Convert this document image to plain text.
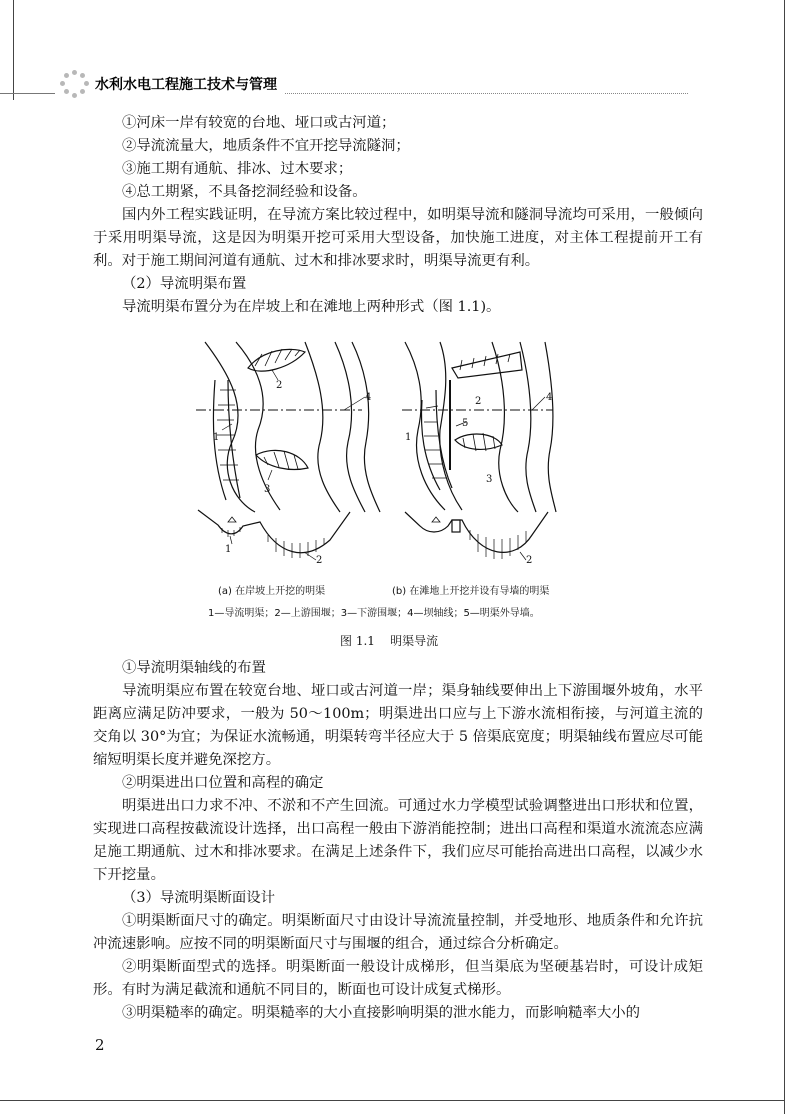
水利水电工程施工技术与管理

①河床一岸有较宽的台地、垭口或古河道；

②导流流量大，地质条件不宜开挖导流隧洞；

③施工期有通航、排冰、过木要求；

④总工期紧，不具备挖洞经验和设备。

国内外工程实践证明，在导流方案比较过程中，如明渠导流和隧洞导流均可采用，一般倾向于采用明渠导流，这是因为明渠开挖可采用大型设备，加快施工进度，对主体工程提前开工有利。对于施工期间河道有通航、过木和排冰要求时，明渠导流更有利。

（2）导流明渠布置

导流明渠布置分为在岸坡上和在滩地上两种形式（图 1.1)。

1
2
3
4
1
2
1
2
3
4
5
2
(a) 在岸坡上开挖的明渠	(b) 在滩地上开挖并设有导墙的明渠
1—导流明渠；2—上游围堰；3—下游围堰；4—坝轴线；5—明渠外导墙。
图 1.1    明渠导流

①导流明渠轴线的布置

导流明渠应布置在较宽台地、垭口或古河道一岸；渠身轴线要伸出上下游围堰外坡角，水平距离应满足防冲要求，一般为 50～100m；明渠进出口应与上下游水流相衔接，与河道主流的交角以 30°为宜；为保证水流畅通，明渠转弯半径应大于 5 倍渠底宽度；明渠轴线布置应尽可能缩短明渠长度并避免深挖方。

②明渠进出口位置和高程的确定

明渠进出口力求不冲、不淤和不产生回流。可通过水力学模型试验调整进出口形状和位置，实现进口高程按截流设计选择，出口高程一般由下游消能控制；进出口高程和渠道水流流态应满足施工期通航、过木和排冰要求。在满足上述条件下，我们应尽可能抬高进出口高程，以减少水下开挖量。

（3）导流明渠断面设计

①明渠断面尺寸的确定。明渠断面尺寸由设计导流流量控制，并受地形、地质条件和允许抗冲流速影响。应按不同的明渠断面尺寸与围堰的组合，通过综合分析确定。

②明渠断面型式的选择。明渠断面一般设计成梯形，但当渠底为坚硬基岩时，可设计成矩形。有时为满足截流和通航不同目的，断面也可设计成复式梯形。

③明渠糙率的确定。明渠糙率的大小直接影响明渠的泄水能力，而影响糙率大小的

2
